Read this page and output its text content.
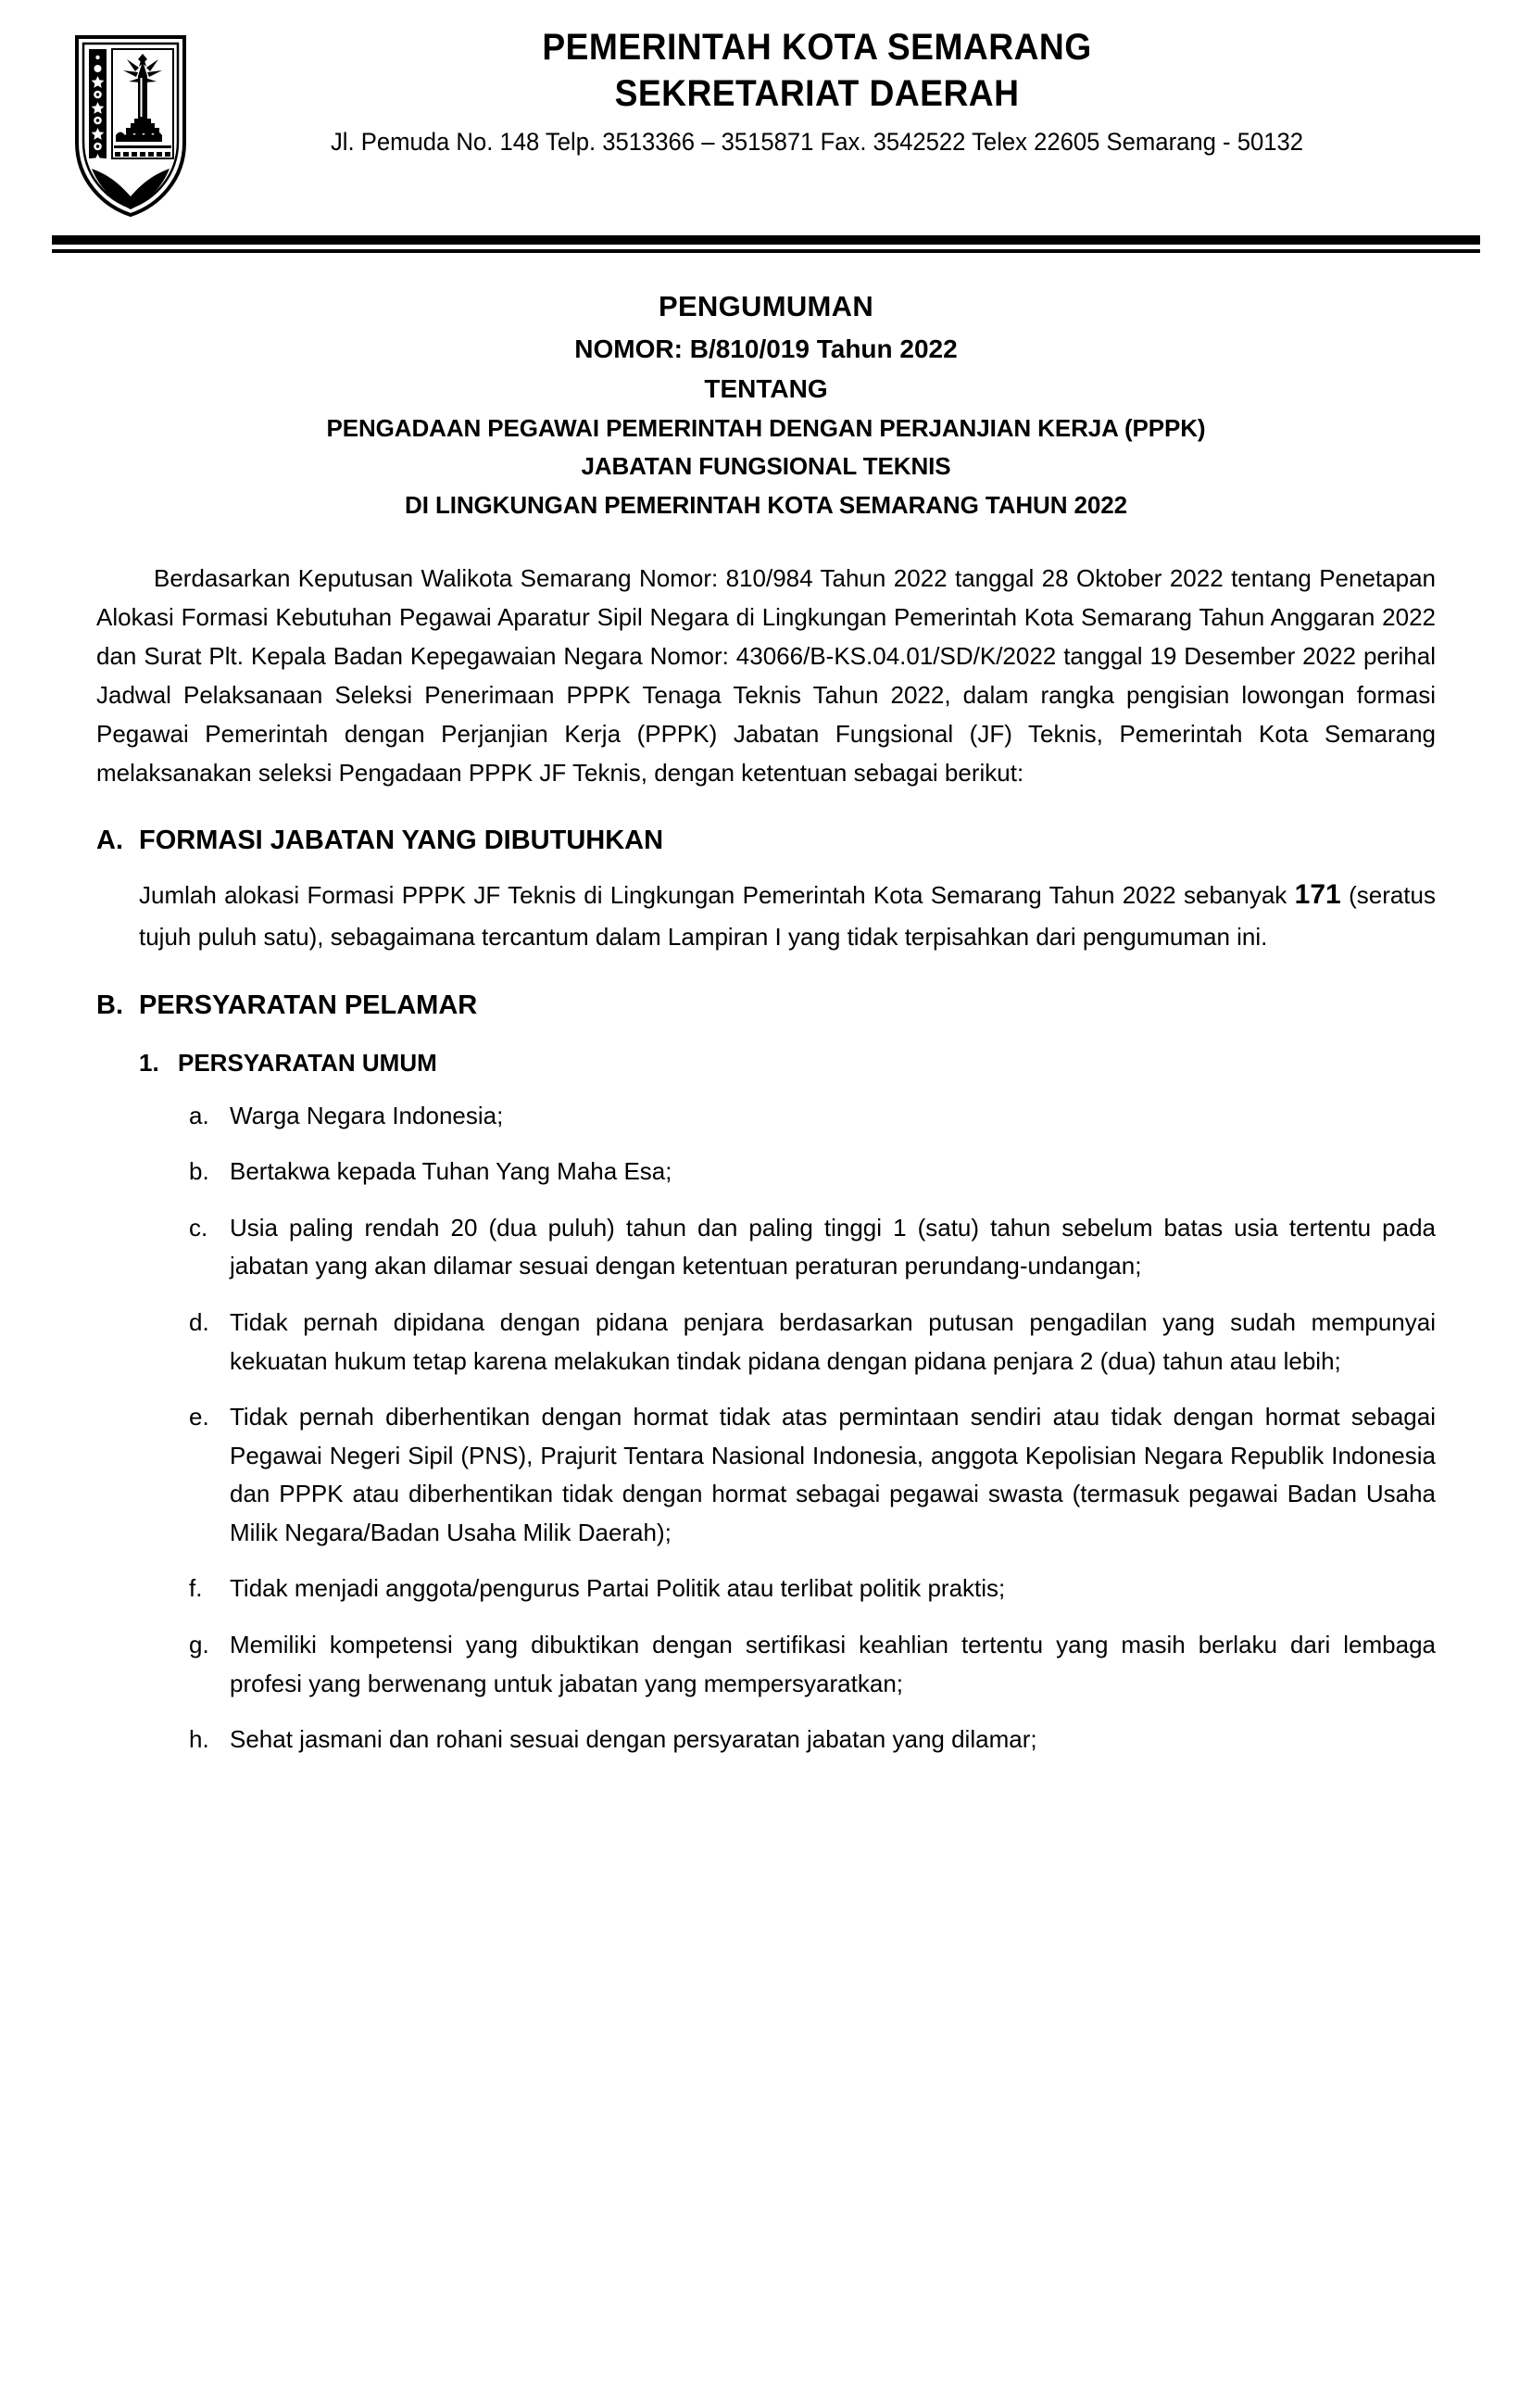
PEMERINTAH KOTA SEMARANG
SEKRETARIAT DAERAH
Jl. Pemuda No. 148 Telp. 3513366 – 3515871 Fax. 3542522 Telex 22605 Semarang - 50132
PENGUMUMAN
NOMOR: B/810/019 Tahun 2022
TENTANG
PENGADAAN PEGAWAI PEMERINTAH DENGAN PERJANJIAN KERJA (PPPK)
JABATAN FUNGSIONAL TEKNIS
DI LINGKUNGAN PEMERINTAH KOTA SEMARANG TAHUN 2022

Berdasarkan Keputusan Walikota Semarang Nomor: 810/984 Tahun 2022 tanggal 28 Oktober 2022 tentang Penetapan Alokasi Formasi Kebutuhan Pegawai Aparatur Sipil Negara di Lingkungan Pemerintah Kota Semarang Tahun Anggaran 2022 dan Surat Plt. Kepala Badan Kepegawaian Negara Nomor: 43066/B-KS.04.01/SD/K/2022 tanggal 19 Desember 2022 perihal Jadwal Pelaksanaan Seleksi Penerimaan PPPK Tenaga Teknis Tahun 2022, dalam rangka pengisian lowongan formasi Pegawai Pemerintah dengan Perjanjian Kerja (PPPK) Jabatan Fungsional (JF) Teknis, Pemerintah Kota Semarang melaksanakan seleksi Pengadaan PPPK JF Teknis, dengan ketentuan sebagai berikut:

A. FORMASI JABATAN YANG DIBUTUHKAN
Jumlah alokasi Formasi PPPK JF Teknis di Lingkungan Pemerintah Kota Semarang Tahun 2022 sebanyak 171 (seratus tujuh puluh satu), sebagaimana tercantum dalam Lampiran I yang tidak terpisahkan dari pengumuman ini.
B. PERSYARATAN PELAMAR
1. PERSYARATAN UMUM
a. Warga Negara Indonesia;
b. Bertakwa kepada Tuhan Yang Maha Esa;
c. Usia paling rendah 20 (dua puluh) tahun dan paling tinggi 1 (satu) tahun sebelum batas usia tertentu pada jabatan yang akan dilamar sesuai dengan ketentuan peraturan perundang-undangan;
d. Tidak pernah dipidana dengan pidana penjara berdasarkan putusan pengadilan yang sudah mempunyai kekuatan hukum tetap karena melakukan tindak pidana dengan pidana penjara 2 (dua) tahun atau lebih;
e. Tidak pernah diberhentikan dengan hormat tidak atas permintaan sendiri atau tidak dengan hormat sebagai Pegawai Negeri Sipil (PNS), Prajurit Tentara Nasional Indonesia, anggota Kepolisian Negara Republik Indonesia dan PPPK atau diberhentikan tidak dengan hormat sebagai pegawai swasta (termasuk pegawai Badan Usaha Milik Negara/Badan Usaha Milik Daerah);
f.	Tidak menjadi anggota/pengurus Partai Politik atau terlibat politik praktis;
g. Memiliki kompetensi yang dibuktikan dengan sertifikasi keahlian tertentu yang masih berlaku dari lembaga profesi yang berwenang untuk jabatan yang mempersyaratkan;
h. Sehat jasmani dan rohani sesuai dengan persyaratan jabatan yang dilamar;
